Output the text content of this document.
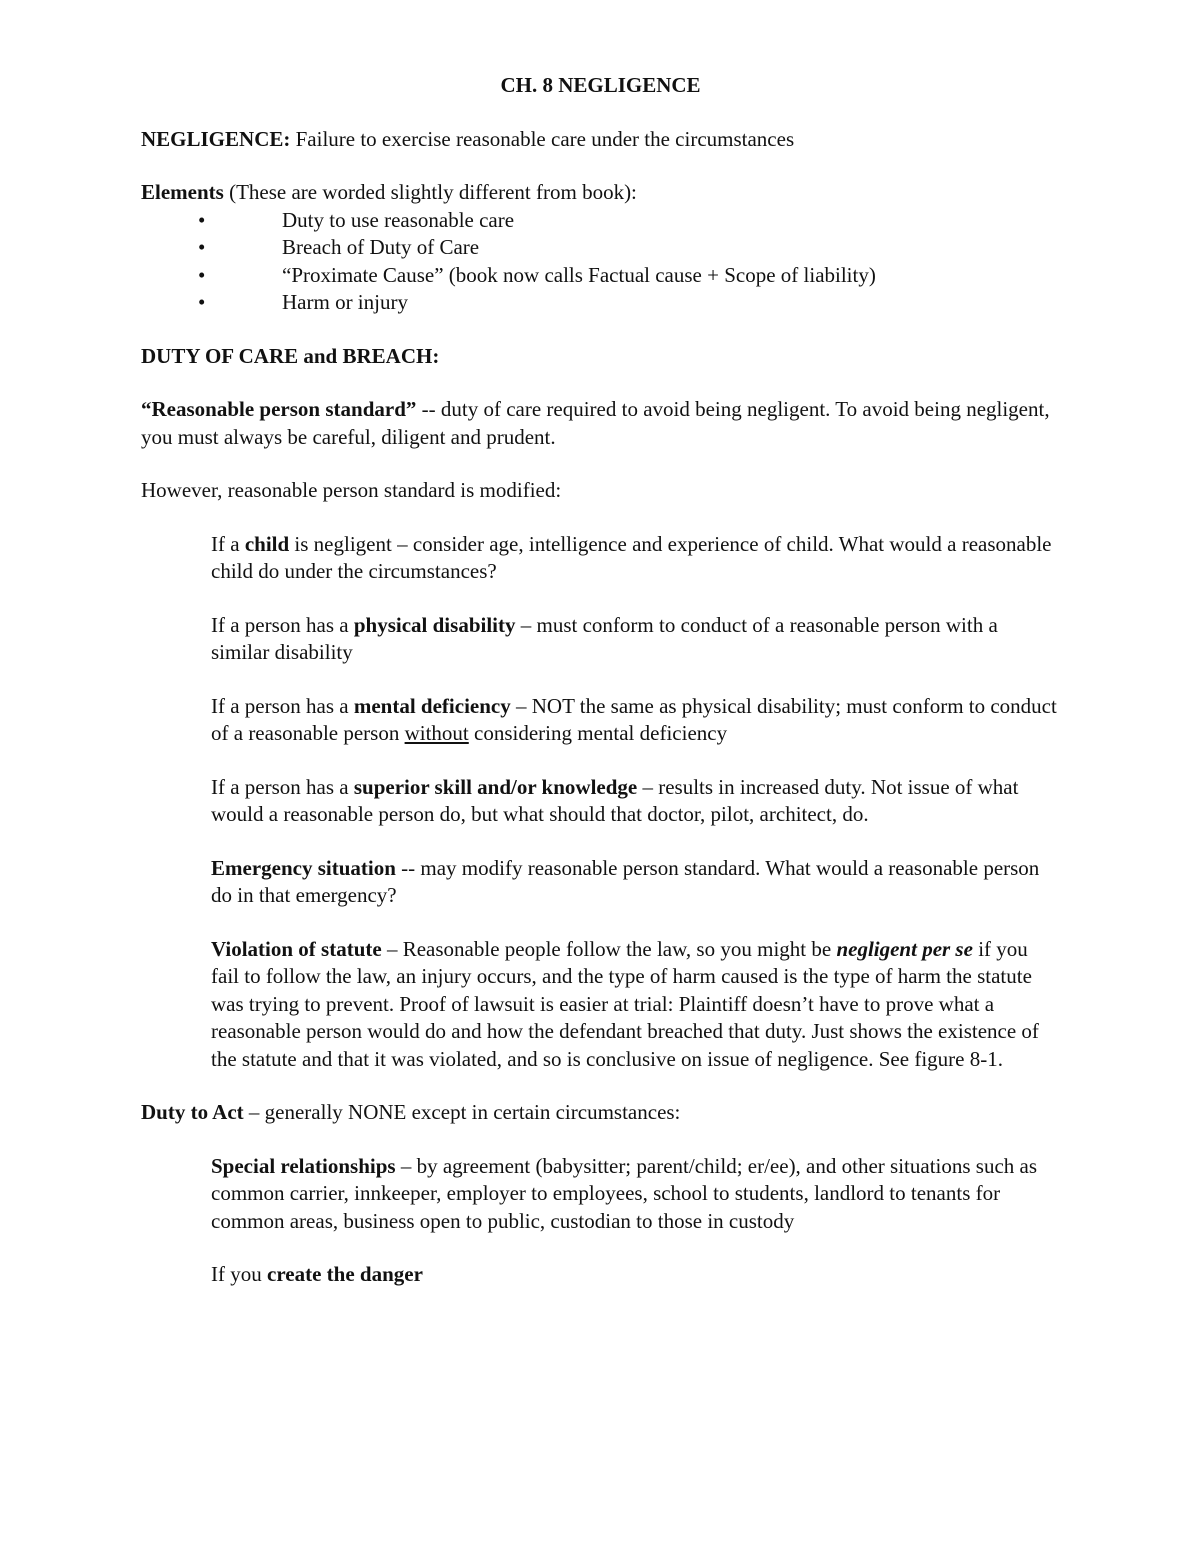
CH. 8 NEGLIGENCE

NEGLIGENCE: Failure to exercise reasonable care under the circumstances

Elements (These are worded slightly different from book):

•	Duty to use reasonable care
•	Breach of Duty of Care
•	“Proximate Cause” (book now calls Factual cause + Scope of liability)
•	Harm or injury

DUTY OF CARE and BREACH:

“Reasonable person standard” -- duty of care required to avoid being negligent. To avoid being negligent, you must always be careful, diligent and prudent.

However, reasonable person standard is modified:

If a child is negligent – consider age, intelligence and experience of child. What would a reasonable child do under the circumstances?

If a person has a physical disability – must conform to conduct of a reasonable person with a similar disability

If a person has a mental deficiency – NOT the same as physical disability; must conform to conduct of a reasonable person without considering mental deficiency

If a person has a superior skill and/or knowledge – results in increased duty. Not issue of what would a reasonable person do, but what should that doctor, pilot, architect, do.

Emergency situation -- may modify reasonable person standard. What would a reasonable person do in that emergency?

Violation of statute – Reasonable people follow the law, so you might be negligent per se if you fail to follow the law, an injury occurs, and the type of harm caused is the type of harm the statute was trying to prevent. Proof of lawsuit is easier at trial: Plaintiff doesn’t have to prove what a reasonable person would do and how the defendant breached that duty. Just shows the existence of the statute and that it was violated, and so is conclusive on issue of negligence. See figure 8-1.

Duty to Act – generally NONE except in certain circumstances:

Special relationships – by agreement (babysitter; parent/child; er/ee), and other situations such as common carrier, innkeeper, employer to employees, school to students, landlord to tenants for common areas, business open to public, custodian to those in custody

If you create the danger
